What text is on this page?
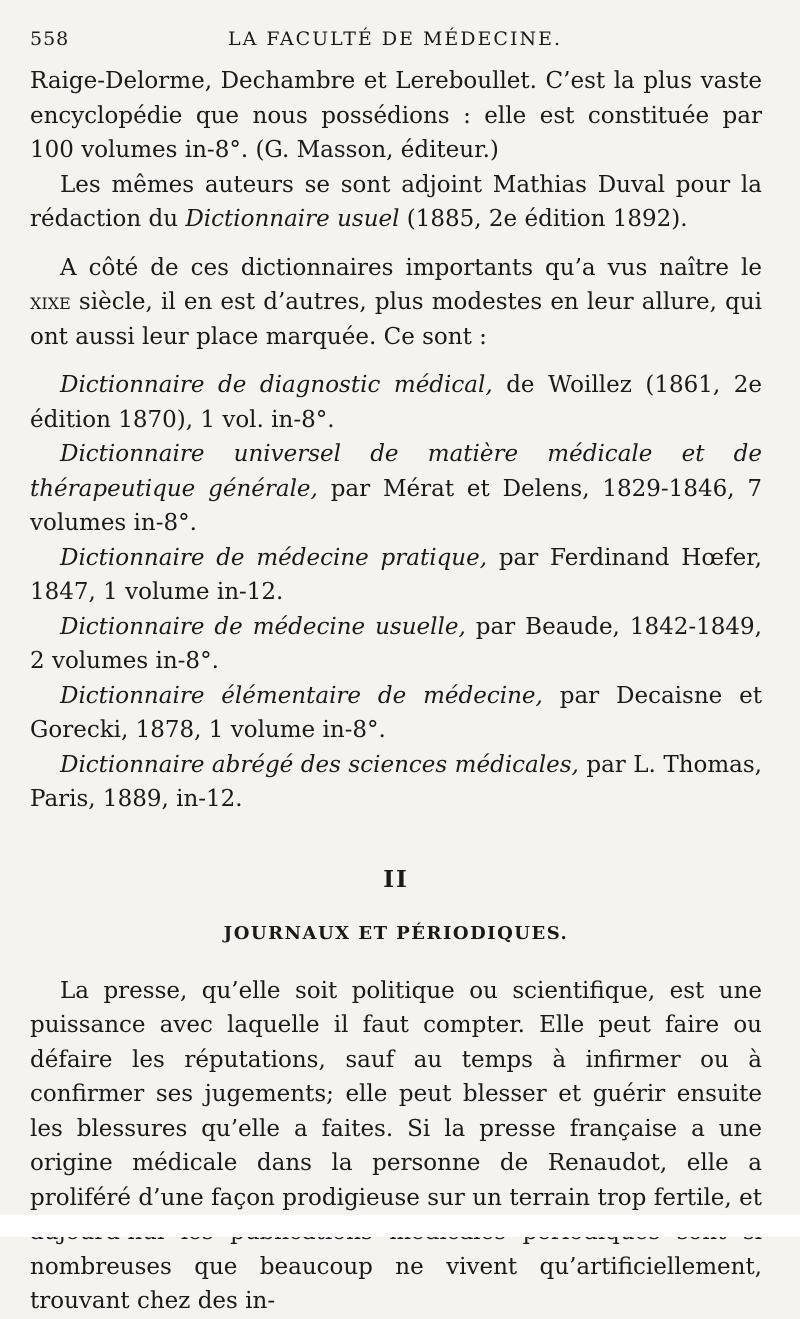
558	LA FACULTÉ DE MÉDECINE.

Raige-Delorme, Dechambre et Lereboullet. C’est la plus vaste encyclopédie que nous possédions : elle est constituée par 100 volumes in-8°. (G. Masson, éditeur.)

Les mêmes auteurs se sont adjoint Mathias Duval pour la rédaction du Dictionnaire usuel (1885, 2e édition 1892).

A côté de ces dictionnaires importants qu’a vus naître le xixe siècle, il en est d’autres, plus modestes en leur allure, qui ont aussi leur place marquée. Ce sont :

Dictionnaire de diagnostic médical, de Woillez (1861, 2e édition 1870), 1 vol. in-8°.

Dictionnaire universel de matière médicale et de thérapeutique générale, par Mérat et Delens, 1829-1846, 7 volumes in-8°.

Dictionnaire de médecine pratique, par Ferdinand Hœfer, 1847, 1 volume in-12.

Dictionnaire de médecine usuelle, par Beaude, 1842-1849, 2 volumes in-8°.

Dictionnaire élémentaire de médecine, par Decaisne et Gorecki, 1878, 1 volume in-8°.

Dictionnaire abrégé des sciences médicales, par L. Thomas, Paris, 1889, in-12.

II
JOURNAUX ET PÉRIODIQUES.

La presse, qu’elle soit politique ou scientifique, est une puissance avec laquelle il faut compter. Elle peut faire ou défaire les réputations, sauf au temps à infirmer ou à confirmer ses jugements; elle peut blesser et guérir ensuite les blessures qu’elle a faites. Si la presse française a une origine médicale dans la personne de Renaudot, elle a proliféré d’une façon prodigieuse sur un terrain trop fertile, et nombreuses que beaucoup ne vivent qu’artificiellement, trouvant chez des in-
